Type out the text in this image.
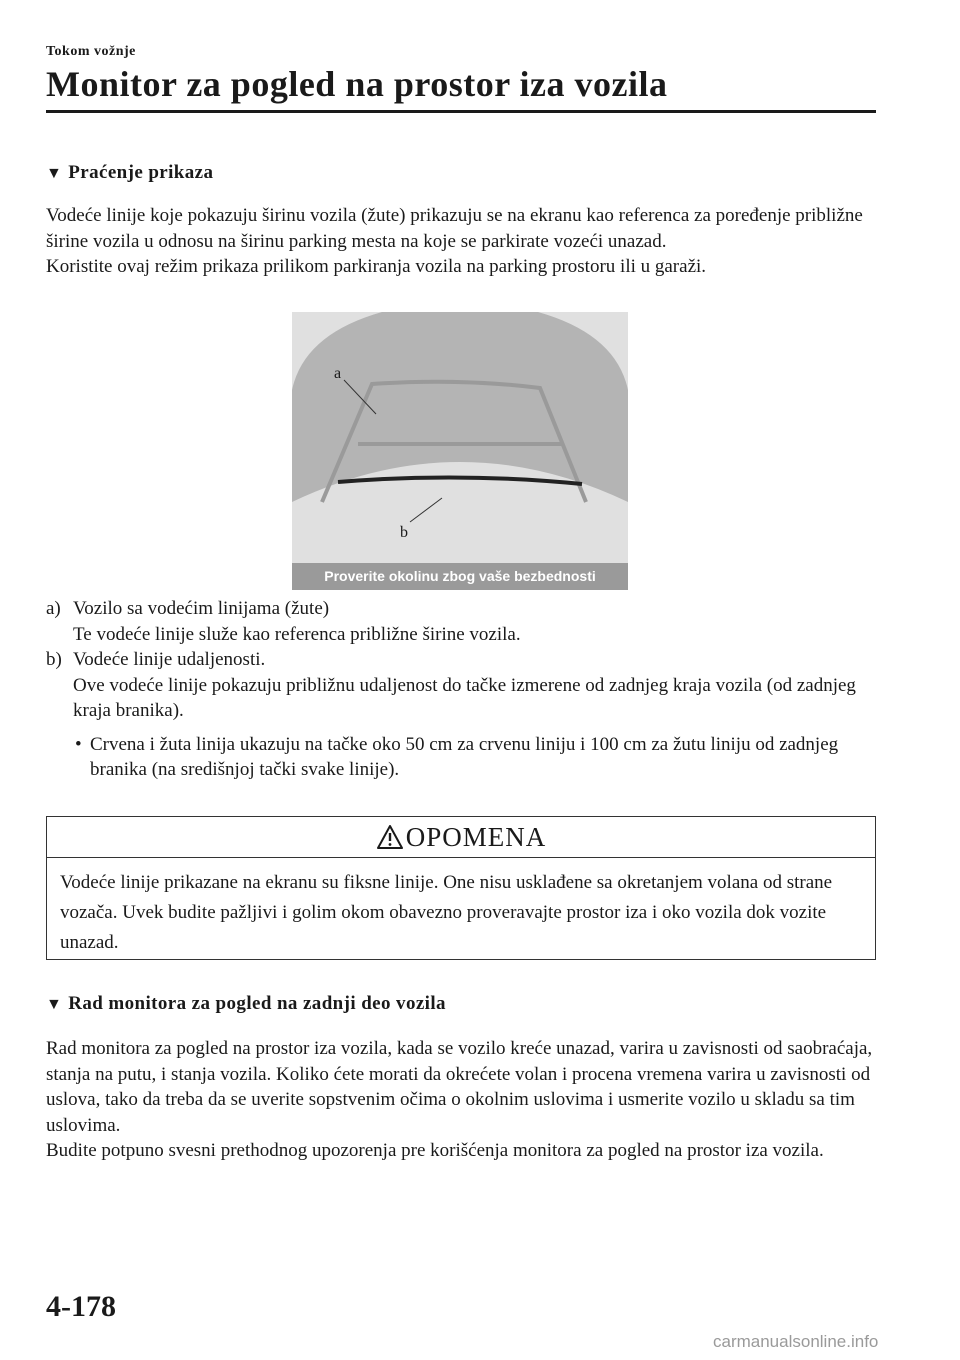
Tokom vožnje
Monitor za pogled na prostor iza vozila
▼ Praćenje prikaza

Vodeće linije koje pokazuju širinu vozila (žute) prikazuju se na ekranu kao referenca za poređenje približne širine vozila u odnosu na širinu parking mesta na koje se parkirate vozeći unazad.

Koristite ovaj režim prikaza prilikom parkiranja vozila na parking prostoru ili u garaži.

a
b
Proverite okolinu zbog vaše bezbednosti
a) Vozilo sa vodećim linijama (žute)
Te vodeće linije služe kao referenca približne širine vozila.
b) Vodeće linije udaljenosti.
Ove vodeće linije pokazuju približnu udaljenost do tačke izmerene od zadnjeg kraja vozila (od zadnjeg kraja branika).
• Crvena i žuta linija ukazuju na tačke oko 50 cm za crvenu liniju i 100 cm za žutu liniju od zadnjeg branika (na središnjoj tački svake linije).
OPOMENA
Vodeće linije prikazane na ekranu su fiksne linije. One nisu usklađene sa okretanjem volana od strane vozača. Uvek budite pažljivi i golim okom obavezno proveravajte prostor iza i oko vozila dok vozite unazad.
▼ Rad monitora za pogled na zadnji deo vozila

Rad monitora za pogled na prostor iza vozila, kada se vozilo kreće unazad, varira u zavisnosti od saobraćaja, stanja na putu, i stanja vozila. Koliko ćete morati da okrećete volan i procena vremena varira u zavisnosti od uslova, tako da treba da se uverite sopstvenim očima o okolnim uslovima i usmerite vozilo u skladu sa tim uslovima.

Budite potpuno svesni prethodnog upozorenja pre korišćenja monitora za pogled na prostor iza vozila.

4-178
carmanualsonline.info
